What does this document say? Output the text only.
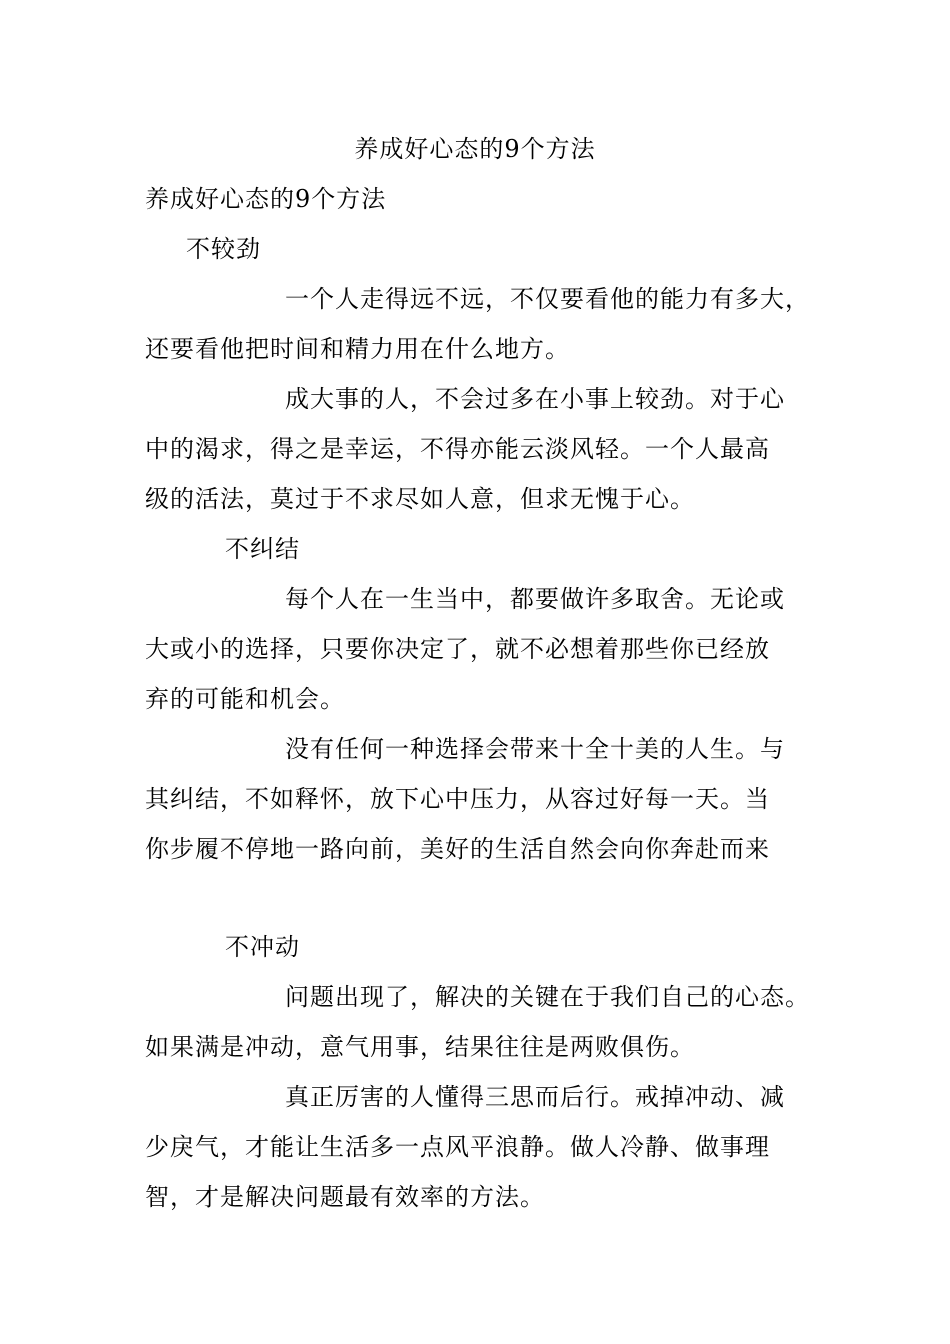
养成好心态的9个方法
养成好心态的9个方法
不较劲
一个人走得远不远，不仅要看他的能力有多大，
还要看他把时间和精力用在什么地方。
成大事的人，不会过多在小事上较劲。对于心
中的渴求，得之是幸运，不得亦能云淡风轻。一个人最高
级的活法，莫过于不求尽如人意，但求无愧于心。
不纠结
每个人在一生当中，都要做许多取舍。无论或
大或小的选择，只要你决定了，就不必想着那些你已经放
弃的可能和机会。
没有任何一种选择会带来十全十美的人生。与
其纠结，不如释怀，放下心中压力，从容过好每一天。当
你步履不停地一路向前，美好的生活自然会向你奔赴而来
不冲动
问题出现了，解决的关键在于我们自己的心态。
如果满是冲动，意气用事，结果往往是两败俱伤。
真正厉害的人懂得三思而后行。戒掉冲动、减
少戾气，才能让生活多一点风平浪静。做人冷静、做事理
智，才是解决问题最有效率的方法。
